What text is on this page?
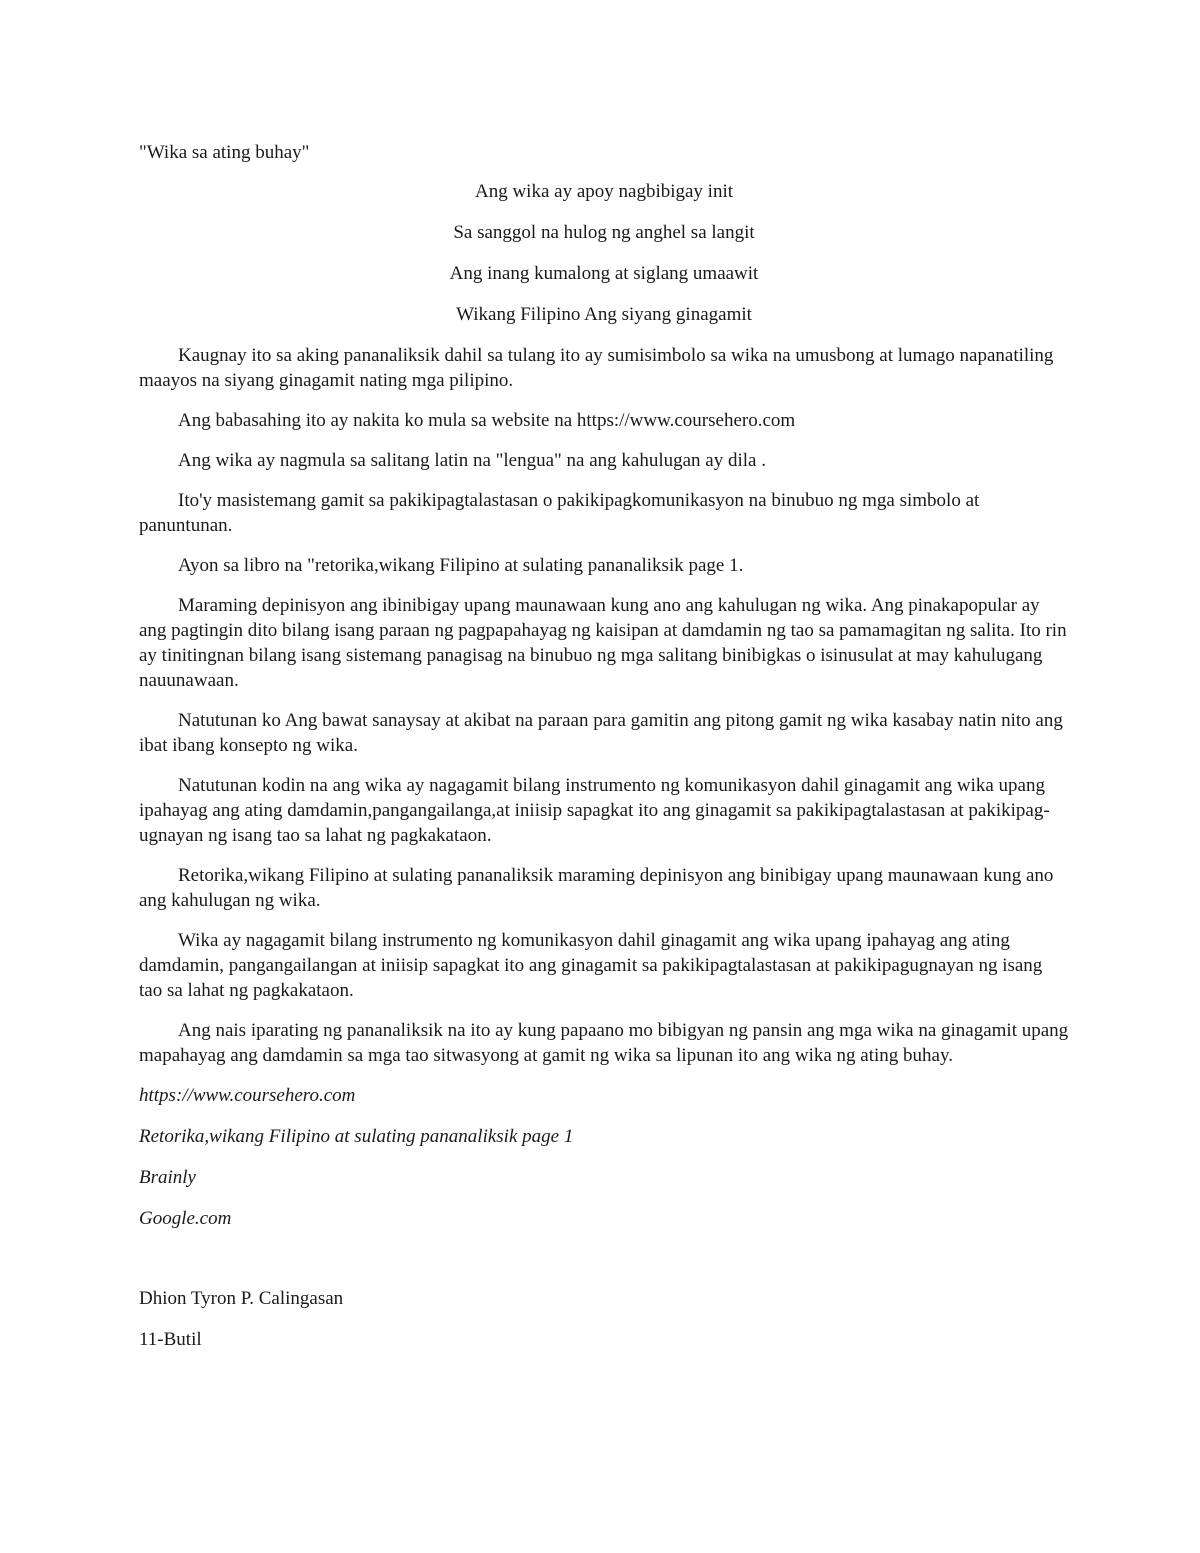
"Wika sa ating buhay"

Ang wika ay apoy nagbibigay init

Sa sanggol na hulog ng anghel sa langit

Ang inang kumalong at siglang umaawit

Wikang Filipino Ang siyang ginagamit

Kaugnay ito sa aking pananaliksik dahil sa tulang ito ay sumisimbolo sa wika na umusbong at lumago napanatiling maayos na siyang ginagamit nating mga pilipino.

Ang babasahing ito ay nakita ko mula sa website na https://www.coursehero.com

Ang wika ay nagmula sa salitang latin na "lengua" na ang kahulugan ay dila .

Ito'y masistemang gamit sa pakikipagtalastasan o pakikipagkomunikasyon na binubuo ng mga simbolo at panuntunan.

Ayon sa libro na "retorika,wikang Filipino at sulating pananaliksik page 1.

Maraming depinisyon ang ibinibigay upang maunawaan kung ano ang kahulugan ng wika. Ang pinakapopular ay ang pagtingin dito bilang isang paraan ng pagpapahayag ng kaisipan at damdamin ng tao sa pamamagitan ng salita. Ito rin ay tinitingnan bilang isang sistemang panagisag na binubuo ng mga salitang binibigkas o isinusulat at may kahulugang nauunawaan.

Natutunan ko Ang bawat sanaysay at akibat na paraan para gamitin ang pitong gamit ng wika kasabay natin nito ang ibat ibang konsepto ng wika.

Natutunan kodin na ang wika ay nagagamit bilang instrumento ng komunikasyon dahil ginagamit ang wika upang ipahayag ang ating damdamin,pangangailanga,at iniisip sapagkat ito ang ginagamit sa pakikipagtalastasan at pakikipag-ugnayan ng isang tao sa lahat ng pagkakataon.

Retorika,wikang Filipino at sulating pananaliksik maraming depinisyon ang binibigay upang maunawaan kung ano ang kahulugan ng wika.

Wika ay nagagamit bilang instrumento ng komunikasyon dahil ginagamit ang wika upang ipahayag ang ating damdamin, pangangailangan at iniisip sapagkat ito ang ginagamit sa pakikipagtalastasan at pakikipagugnayan ng isang tao sa lahat ng pagkakataon.

Ang nais iparating ng pananaliksik na ito ay kung papaano mo bibigyan ng pansin ang mga wika na ginagamit upang mapahayag ang damdamin sa mga tao sitwasyong at gamit ng wika sa lipunan ito ang wika ng ating buhay.

https://www.coursehero.com

Retorika,wikang Filipino at sulating pananaliksik page 1

Brainly

Google.com

Dhion Tyron P. Calingasan

11-Butil
